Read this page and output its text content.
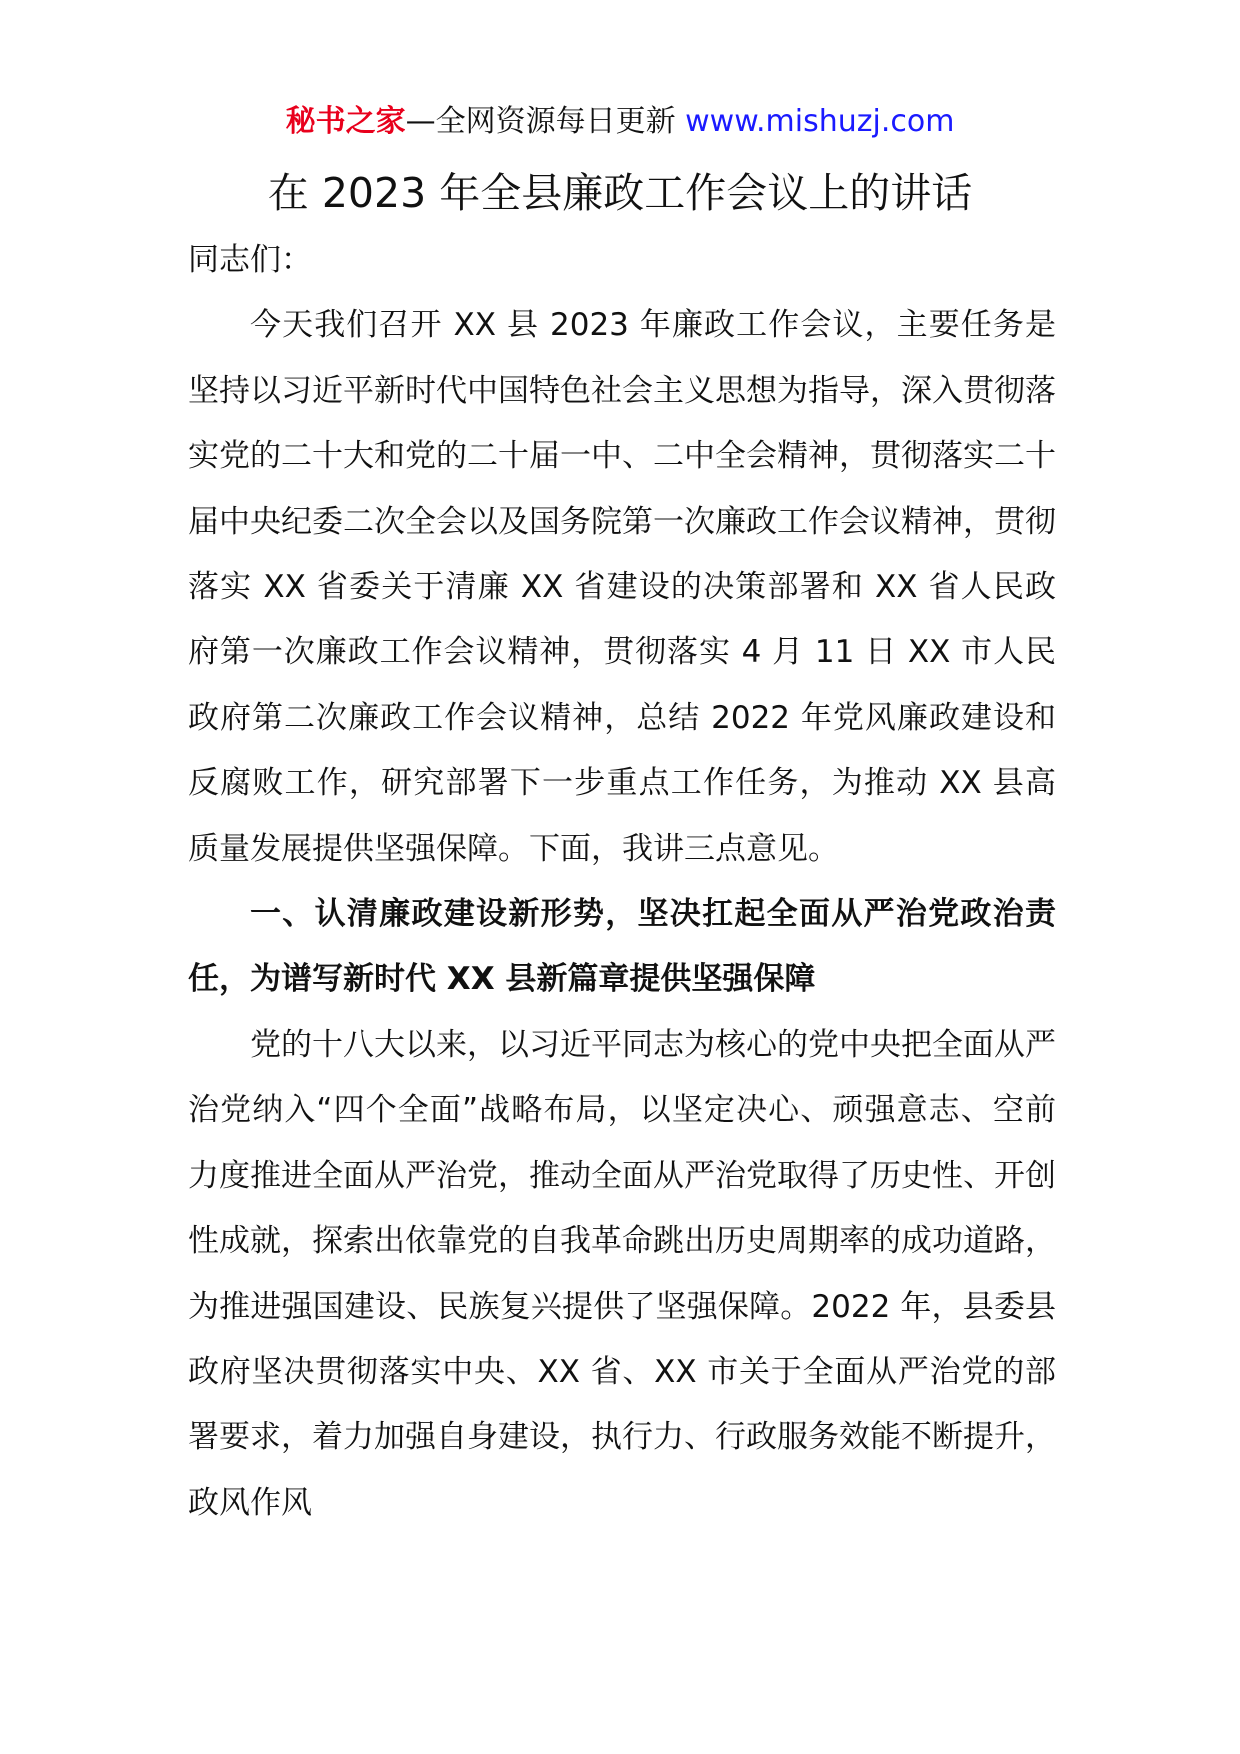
秘书之家—全网资源每日更新 www.mishuzj.com
在 2023 年全县廉政工作会议上的讲话

同志们：

今天我们召开 XX 县 2023 年廉政工作会议，主要任务是坚持以习近平新时代中国特色社会主义思想为指导，深入贯彻落实党的二十大和党的二十届一中、二中全会精神，贯彻落实二十届中央纪委二次全会以及国务院第一次廉政工作会议精神，贯彻落实 XX 省委关于清廉 XX 省建设的决策部署和 XX 省人民政府第一次廉政工作会议精神，贯彻落实 4 月 11 日 XX 市人民政府第二次廉政工作会议精神，总结 2022 年党风廉政建设和反腐败工作，研究部署下一步重点工作任务，为推动 XX 县高质量发展提供坚强保障。下面，我讲三点意见。

一、认清廉政建设新形势，坚决扛起全面从严治党政治责任，为谱写新时代 XX 县新篇章提供坚强保障

党的十八大以来，以习近平同志为核心的党中央把全面从严治党纳入“四个全面”战略布局，以坚定决心、顽强意志、空前力度推进全面从严治党，推动全面从严治党取得了历史性、开创性成就，探索出依靠党的自我革命跳出历史周期率的成功道路，为推进强国建设、民族复兴提供了坚强保障。2022 年，县委县政府坚决贯彻落实中央、XX 省、XX 市关于全面从严治党的部署要求，着力加强自身建设，执行力、行政服务效能不断提升，政风作风
